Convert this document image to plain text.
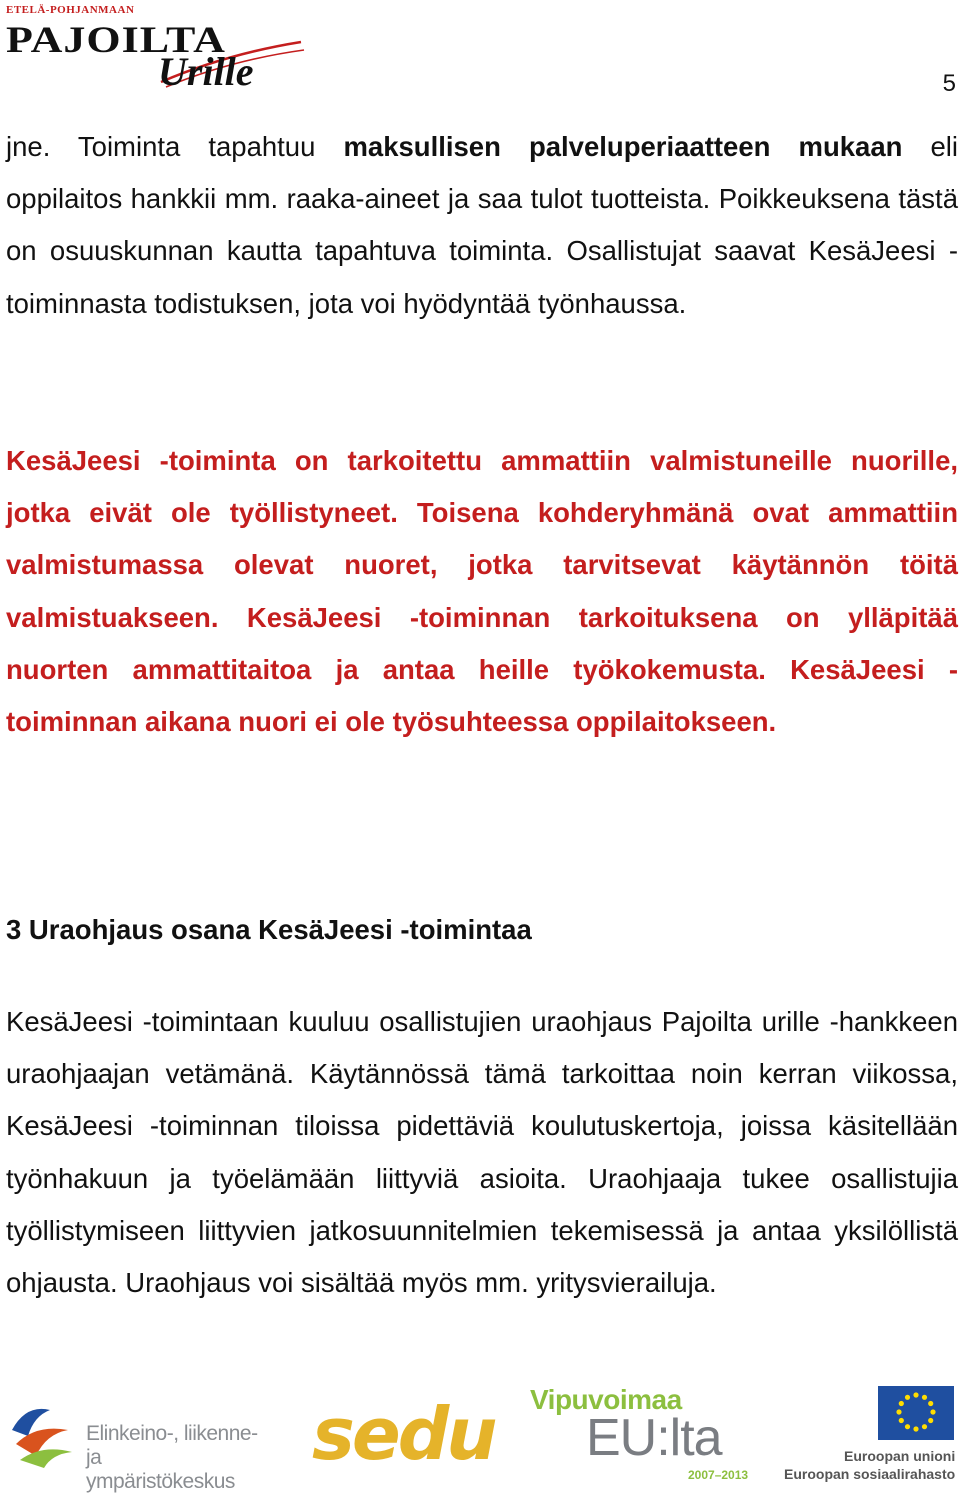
ETELÄ-POHJANMAAN
PAJOILTA
Urille	5

jne. Toiminta tapahtuu maksullisen palveluperiaatteen mukaan eli oppilaitos hankkii mm. raaka-aineet ja saa tulot tuotteista. Poikkeuksena tästä on osuuskunnan kautta tapahtuva toiminta. Osallistujat saavat KesäJeesi -toiminnasta todistuksen, jota voi hyödyntää työnhaussa.

KesäJeesi -toiminta on tarkoitettu ammattiin valmistuneille nuorille, jotka eivät ole työllistyneet. Toisena kohderyhmänä ovat ammattiin valmistumassa olevat nuoret, jotka tarvitsevat käytännön töitä valmistuakseen. KesäJeesi -toiminnan tarkoituksena on ylläpitää nuorten ammattitaitoa ja antaa heille työkokemusta. KesäJeesi -toiminnan aikana nuori ei ole työsuhteessa oppilaitokseen.

3 Uraohjaus osana KesäJeesi -toimintaa

KesäJeesi -toimintaan kuuluu osallistujien uraohjaus Pajoilta urille -hankkeen uraohjaajan vetämänä. Käytännössä tämä tarkoittaa noin kerran viikossa, KesäJeesi -toiminnan tiloissa pidettäviä koulutuskertoja, joissa käsitellään työnhakuun ja työelämään liittyviä asioita. Uraohjaaja tukee osallistujia työllistymiseen liittyvien jatkosuunnitelmien tekemisessä ja antaa yksilöllistä ohjausta. Uraohjaus voi sisältää myös mm. yritysvierailuja.

Elinkeino-, liikenne- ja
ympäristökeskus
sedu Vipuvoimaa
EU:lta
2007–2013
Euroopan unioni
Euroopan sosiaalirahasto
